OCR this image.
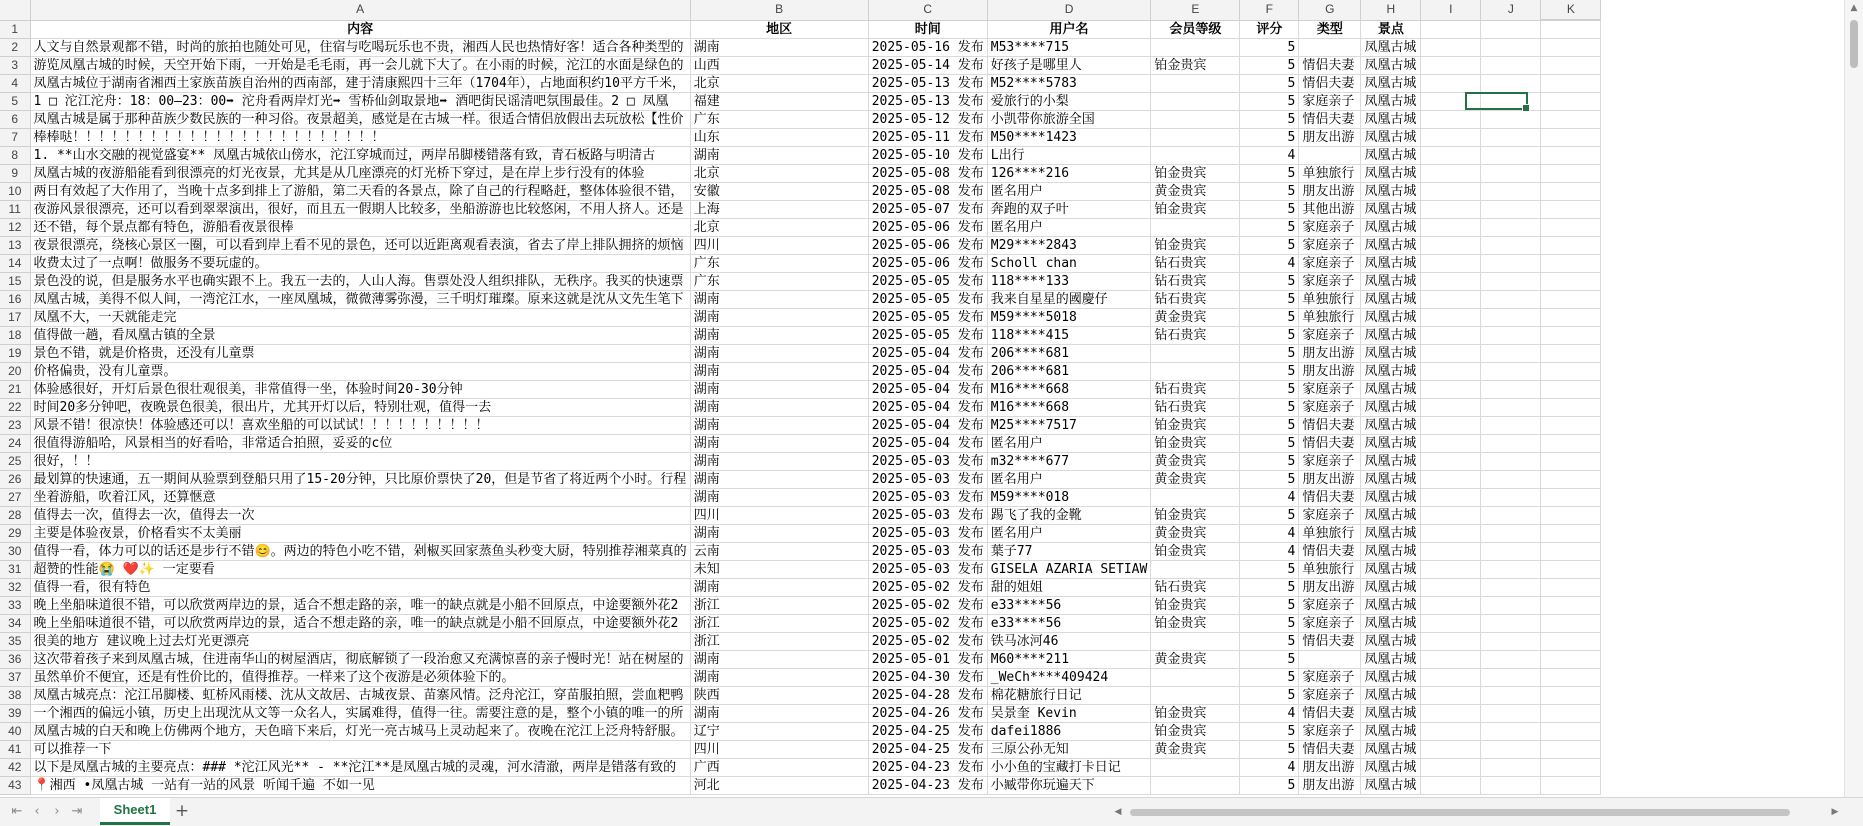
	A	B	C	D	E	F	G	H	I	J	K
1	内容	地区	时间	用户名	会员等级	评分	类型	景点			
2	人文与自然景观都不错，时尚的旅拍也随处可见，住宿与吃喝玩乐也不贵，湘西人民也热情好客！适合各种类型的	湖南	2025-05-16 发布	M53****715		5		凤凰古城			
3	游览凤凰古城的时候，天空开始下雨，一开始是毛毛雨，再一会儿就下大了。在小雨的时候，沱江的水面是绿色的	山西	2025-05-14 发布	好孩子是哪里人	铂金贵宾	5	情侣夫妻	凤凰古城			
4	凤凰古城位于湖南省湘西土家族苗族自治州的西南部，建于清康熙四十三年（1704年），占地面积约10平方千米，	北京	2025-05-13 发布	M52****5783		5	情侣夫妻	凤凰古城			
5	1 □ 沱江沱舟：18：00—23：00➡ 沱舟看两岸灯光➡ 雪桥仙剑取景地➡ 酒吧街民谣清吧氛围最佳。2 □ 凤凰	福建	2025-05-13 发布	爱旅行的小梨		5	家庭亲子	凤凰古城			
6	凤凰古城是属于那种苗族少数民族的一种习俗。夜景超美，感觉是在古城一样。很适合情侣放假出去玩放松【性价	广东	2025-05-12 发布	小凯带你旅游全国		5	情侣夫妻	凤凰古城			
7	棒棒哒！！！！！！！！！！！！！！！！！！！！！！！！	山东	2025-05-11 发布	M50****1423		5	朋友出游	凤凰古城			
8	1. **山水交融的视觉盛宴** 凤凰古城依山傍水，沱江穿城而过，两岸吊脚楼错落有致，青石板路与明清古	湖南	2025-05-10 发布	L出行		4		凤凰古城			
9	凤凰古城的夜游船能看到很漂亮的灯光夜景，尤其是从几座漂亮的灯光桥下穿过，是在岸上步行没有的体验	北京	2025-05-08 发布	126****216	铂金贵宾	5	单独旅行	凤凰古城			
10	两日有效起了大作用了，当晚十点多到排上了游船，第二天看的各景点，除了自己的行程略赶，整体体验很不错，	安徽	2025-05-08 发布	匿名用户	黄金贵宾	5	朋友出游	凤凰古城			
11	夜游风景很漂亮，还可以看到翠翠演出，很好，而且五一假期人比较多，坐船游游也比较悠闲，不用人挤人。还是	上海	2025-05-07 发布	奔跑的双子叶	铂金贵宾	5	其他出游	凤凰古城			
12	还不错，每个景点都有特色，游船看夜景很棒	北京	2025-05-06 发布	匿名用户		5	家庭亲子	凤凰古城			
13	夜景很漂亮，绕核心景区一圈，可以看到岸上看不见的景色，还可以近距离观看表演，省去了岸上排队拥挤的烦恼	四川	2025-05-06 发布	M29****2843	铂金贵宾	5	家庭亲子	凤凰古城			
14	收费太过了一点啊！做服务不要玩虚的。	广东	2025-05-06 发布	Scholl chan	钻石贵宾	4	家庭亲子	凤凰古城			
15	景色没的说，但是服务水平也确实跟不上。我五一去的，人山人海。售票处没人组织排队，无秩序。我买的快速票	广东	2025-05-05 发布	118****133	钻石贵宾	5	家庭亲子	凤凰古城			
16	凤凰古城，美得不似人间，一湾沱江水，一座凤凰城，微微薄雾弥漫，三千明灯璀璨。原来这就是沈从文先生笔下	湖南	2025-05-05 发布	我来自星星的國慶仔	钻石贵宾	5	单独旅行	凤凰古城			
17	凤凰不大，一天就能走完	湖南	2025-05-05 发布	M59****5018	黄金贵宾	5	单独旅行	凤凰古城			
18	值得做一趟，看凤凰古镇的全景	湖南	2025-05-05 发布	118****415	钻石贵宾	5	家庭亲子	凤凰古城			
19	景色不错，就是价格贵，还没有儿童票	湖南	2025-05-04 发布	206****681		5	朋友出游	凤凰古城			
20	价格偏贵，没有儿童票。	湖南	2025-05-04 发布	206****681		5	朋友出游	凤凰古城			
21	体验感很好，开灯后景色很壮观很美，非常值得一坐，体验时间20-30分钟	湖南	2025-05-04 发布	M16****668	钻石贵宾	5	家庭亲子	凤凰古城			
22	时间20多分钟吧，夜晚景色很美，很出片，尤其开灯以后，特别壮观，值得一去	湖南	2025-05-04 发布	M16****668	钻石贵宾	5	家庭亲子	凤凰古城			
23	风景不错！很凉快！体验感还可以！喜欢坐船的可以试试！！！！！！！！！！	湖南	2025-05-04 发布	M25****7517	铂金贵宾	5	情侣夫妻	凤凰古城			
24	很值得游船哈，风景相当的好看哈，非常适合拍照，妥妥的c位	湖南	2025-05-04 发布	匿名用户	铂金贵宾	5	情侣夫妻	凤凰古城			
25	很好，！！	湖南	2025-05-03 发布	m32****677	黄金贵宾	5	家庭亲子	凤凰古城			
26	最划算的快速通，五一期间从验票到登船只用了15-20分钟，只比原价票快了20，但是节省了将近两个小时。行程	湖南	2025-05-03 发布	匿名用户	黄金贵宾	5	朋友出游	凤凰古城			
27	坐着游船，吹着江风，还算惬意	湖南	2025-05-03 发布	M59****018		4	情侣夫妻	凤凰古城			
28	值得去一次，值得去一次，值得去一次	四川	2025-05-03 发布	踢飞了我的金靴	铂金贵宾	5	家庭亲子	凤凰古城			
29	主要是体验夜景，价格看实不太美丽	湖南	2025-05-03 发布	匿名用户	黄金贵宾	4	单独旅行	凤凰古城			
30	值得一看，体力可以的话还是步行不错😊。两边的特色小吃不错，剁椒买回家蒸鱼头秒变大厨，特别推荐湘菜真的	云南	2025-05-03 发布	葉子77	铂金贵宾	4	情侣夫妻	凤凰古城			
31	超赞的性能😭 ❤️✨ 一定要看	未知	2025-05-03 发布	GISELA AZARIA SETIAW		5	单独旅行	凤凰古城			
32	值得一看，很有特色	湖南	2025-05-02 发布	甜的姐姐	钻石贵宾	5	朋友出游	凤凰古城			
33	晚上坐船味道很不错，可以欣赏两岸边的景，适合不想走路的亲，唯一的缺点就是小船不回原点，中途要额外花2	浙江	2025-05-02 发布	e33****56	铂金贵宾	5	家庭亲子	凤凰古城			
34	晚上坐船味道很不错，可以欣赏两岸边的景，适合不想走路的亲，唯一的缺点就是小船不回原点，中途要额外花2	浙江	2025-05-02 发布	e33****56	铂金贵宾	5	家庭亲子	凤凰古城			
35	很美的地方 建议晚上过去灯光更漂亮	浙江	2025-05-02 发布	铁马冰河46		5	情侣夫妻	凤凰古城			
36	这次带着孩子来到凤凰古城，住进南华山的树屋酒店，彻底解锁了一段治愈又充满惊喜的亲子慢时光！站在树屋的	湖南	2025-05-01 发布	M60****211	黄金贵宾	5		凤凰古城			
37	虽然单价不便宜，还是有性价比的，值得推荐。一样来了这个夜游是必须体验下的。	湖南	2025-04-30 发布	_WeCh****409424		5	家庭亲子	凤凰古城			
38	凤凰古城亮点：沱江吊脚楼、虹桥风雨楼、沈从文故居、古城夜景、苗寨风情。泛舟沱江，穿苗服拍照，尝血粑鸭	陕西	2025-04-28 发布	棉花糖旅行日记		5	家庭亲子	凤凰古城			
39	一个湘西的偏远小镇，历史上出现沈从文等一众名人，实属难得，值得一往。需要注意的是，整个小镇的唯一的所	湖南	2025-04-26 发布	吴景奎 Kevin	铂金贵宾	4	情侣夫妻	凤凰古城			
40	凤凰古城的白天和晚上仿佛两个地方，天色暗下来后，灯光一亮古城马上灵动起来了。夜晚在沱江上泛舟特舒服。	辽宁	2025-04-25 发布	dafei1886	铂金贵宾	5	家庭亲子	凤凰古城			
41	可以推荐一下	四川	2025-04-25 发布	三原公孙无知	黄金贵宾	5	情侣夫妻	凤凰古城			
42	以下是凤凰古城的主要亮点：### *沱江风光** - **沱江**是凤凰古城的灵魂，河水清澈，两岸是错落有致的	广西	2025-04-23 发布	小小鱼的宝藏打卡日记		4	朋友出游	凤凰古城			
43	📍湘西 •凤凰古城 一站有一站的风景 听闻千遍 不如一见	河北	2025-04-23 发布	小臧带你玩遍天下		5	朋友出游	凤凰古城			
▲
⇤ ‹	› ⇥	Sheet1	+	◀	▶
